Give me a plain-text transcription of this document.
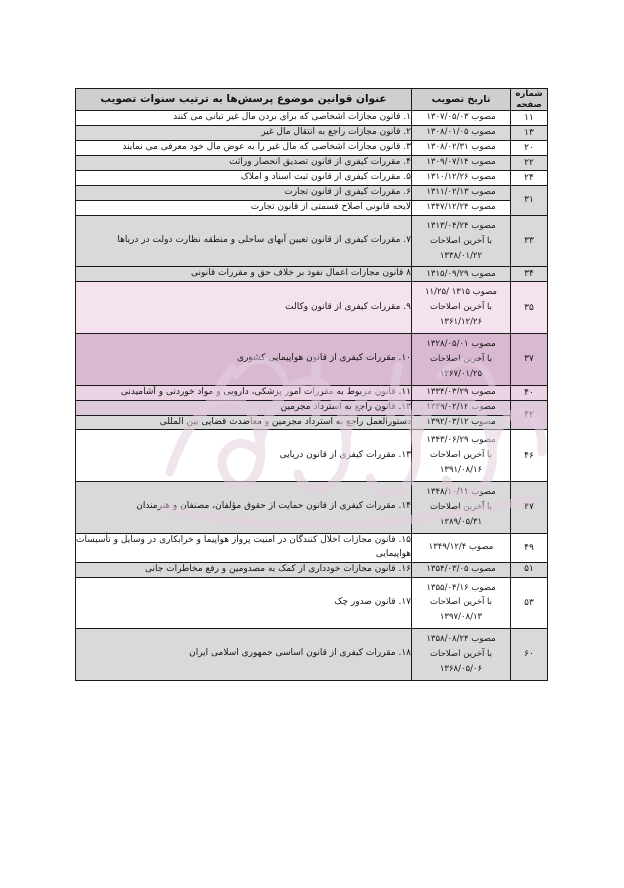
شماره
صفحه	تاریخ تصویب	عنوان قوانین موضوع پرسش‌ها به ترتیب سنوات تصویب
۱۱	مصوب ۱۳۰۷/۰۵/۰۳	۱. قانون مجازات اشخاصی که برای بردن مال غیر تبانی می کنند
۱۳	مصوب ۱۳۰۸/۰۱/۰۵	۲. قانون مجازات راجع به انتقال مال غیر
۲۰	مصوب ۱۳۰۸/۰۲/۳۱	۳. قانون مجازات اشخاصی که مال غیر را به عوض مال خود معرفی می نمایند
۲۲	مصوب ۱۳۰۹/۰۷/۱۴	۴. مقررات کیفری از قانون تصدیق انحصار وراثت
۲۴	مصوب ۱۳۱۰/۱۲/۲۶	۵. مقررات کیفری از قانون ثبت اسناد و املاک
۳۱	مصوب ۱۳۱۱/۰۲/۱۳	۶. مقررات کیفری از قانون تجارت

	مصوب ۱۳۴۷/۱۲/۲۴	لایحه قانونی اصلاح قسمتی از قانون تجارت
۳۳	مصوب ۱۳۱۳/۰۴/۲۴
با آخرین اصلاحات
۱۳۳۸/۰۱/۲۲	۷. مقررات کیفری از قانون تعیین آبهای ساحلی و منطقه نظارت دولت در دریاها
۳۴	مصوب ۱۳۱۵/۰۹/۲۹	۸ قانون مجازات اعمال نفوذ بر خلاف حق و مقررات قانونی
۳۵	مصوب ۱۳۱۵ /۱۱/۲۵
با آخرین اصلاحات
۱۳۶۱/۱۲/۲۶	۹. مقررات کیفری از قانون وکالت
۳۷	مصوب ۱۳۲۸/۰۵/۰۱
با آخرین اصلاحات
۱۳۶۷/۰۱/۲۵	۱۰. مقررات کیفری از قانون هواپیمایی کشوری
۴۰	مصوب ۱۳۳۴/۰۳/۲۹	۱۱. قانون مربوط به مقررات امور پزشکی، دارویی و مواد خوردنی و آشامیدنی
۴۲	مصوب ۱۳۳۹/۰۲/۱۴	۱۲. قانون راجع به استرداد مجرمین

	مصوب ۱۳۹۲/۰۳/۱۲	دستورالعمل راجع به استرداد مجرمین و معاضدت قضایی بین المللی
۴۶	مصوب ۱۳۴۳/۰۶/۲۹
با آخرین اصلاحات
۱۳۹۱/۰۸/۱۶	۱۳. مقررات کیفری از قانون دریایی
۴۷	مصوب ۱۳۴۸/۱۰/۱۱
با آخرین اصلاحات
۱۳۸۹/۰۵/۳۱	۱۴. مقررات کیفری از قانون حمایت از حقوق مؤلفان، مصنفان و هنرمندان
۴۹	مصوب ۱۳۴۹/۱۲/۴	۱۵. قانون مجازات اخلال کنندگان در امنیت پرواز هواپیما و خرابکاری در وسایل و تأسیسات هواپیمایی
۵۱	مصوب ۱۳۵۴/۰۳/۰۵	۱۶. قانون مجازات خودداری از کمک به مصدومین و رفع مخاطرات جانی
۵۳	مصوب ۱۳۵۵/۰۴/۱۶
با آخرین اصلاحات
۱۳۹۷/۰۸/۱۳	۱۷. قانون صدور چک
۶۰	مصوب ۱۳۵۸/۰۸/۲۴
با آخرین اصلاحات
۱۳۶۸/۰۵/۰۶	۱۸. مقررات کیفری از قانون اساسی جمهوری اسلامی ایران
